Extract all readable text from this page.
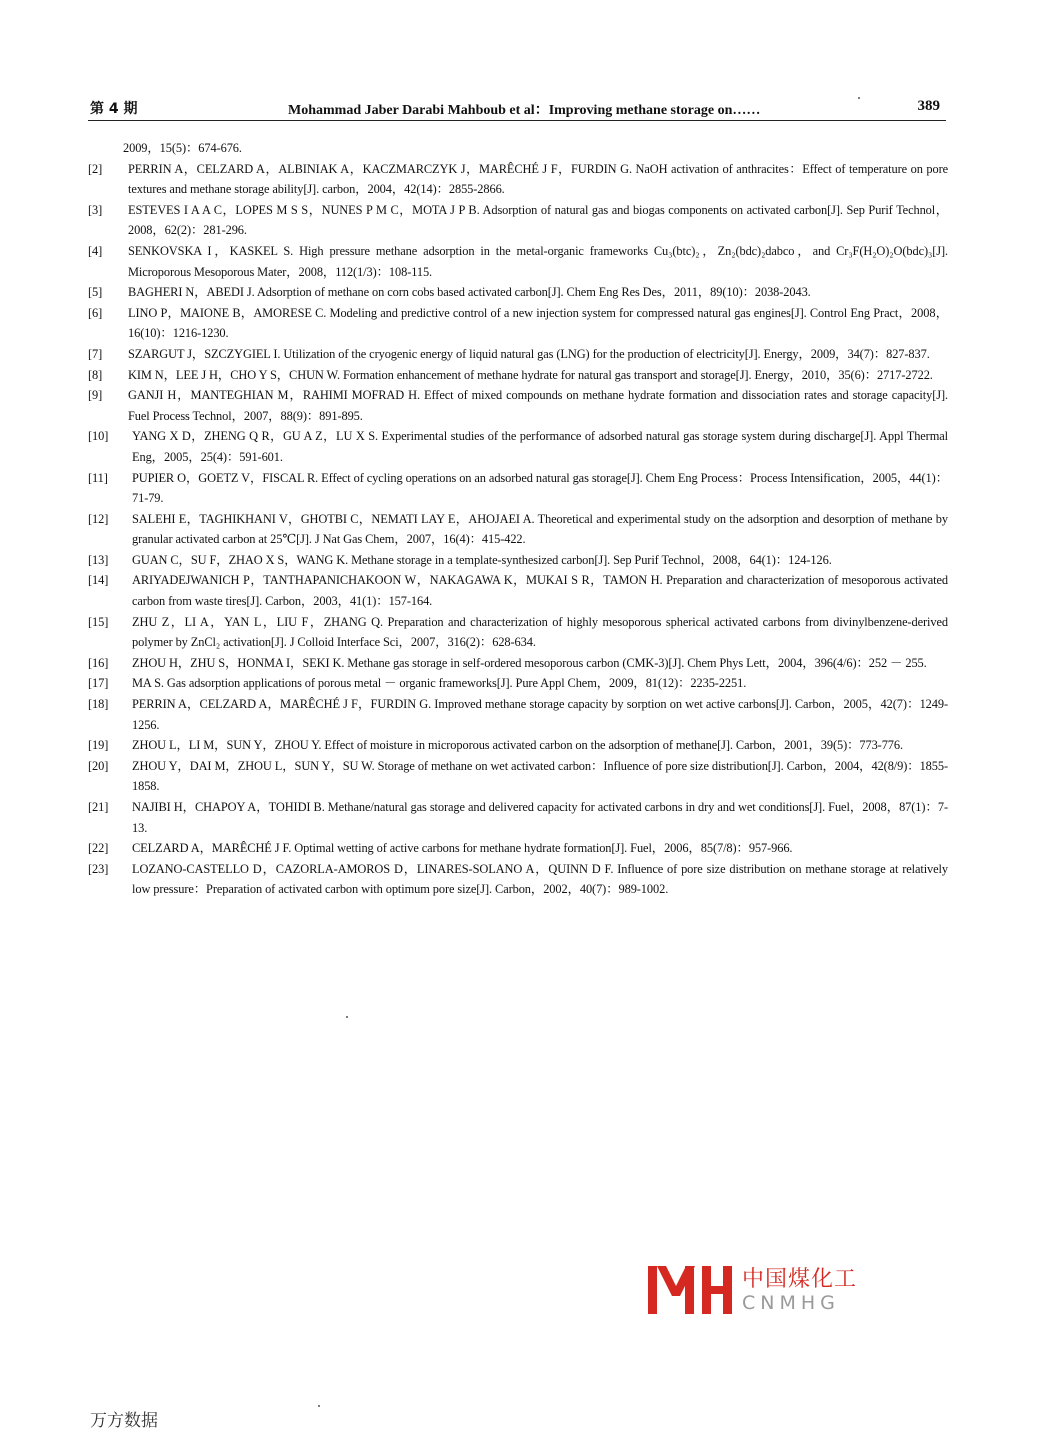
第 4 期	Mohammad Jaber Darabi Mahboub et al：Improving methane storage on……	389
2009，15(5)：674-676.
[2]	PERRIN A，CELZARD A，ALBINIAK A，KACZMARCZYK J，MARÊCHÉ J F，FURDIN G. NaOH activation of anthracites：Effect of temperature on pore textures and methane storage ability[J]. carbon，2004，42(14)：2855-2866.
[3]	ESTEVES I A A C，LOPES M S S，NUNES P M C，MOTA J P B. Adsorption of natural gas and biogas components on activated carbon[J]. Sep Purif Technol，2008，62(2)：281-296.
[4]	SENKOVSKA I，KASKEL S. High pressure methane adsorption in the metal-organic frameworks Cu₃(btc)₂，Zn₂(bdc)₂dabco，and Cr₃F(H₂O)₂O(bdc)₃[J]. Microporous Mesoporous Mater，2008，112(1/3)：108-115.
[5]	BAGHERI N，ABEDI J. Adsorption of methane on corn cobs based activated carbon[J]. Chem Eng Res Des，2011，89(10)：2038-2043.
[6]	LINO P，MAIONE B，AMORESE C. Modeling and predictive control of a new injection system for compressed natural gas engines[J]. Control Eng Pract，2008，16(10)：1216-1230.
[7]	SZARGUT J，SZCZYGIEL I. Utilization of the cryogenic energy of liquid natural gas (LNG) for the production of electricity[J]. Energy，2009，34(7)：827-837.
[8]	KIM N，LEE J H，CHO Y S，CHUN W. Formation enhancement of methane hydrate for natural gas transport and storage[J]. Energy，2010，35(6)：2717-2722.
[9]	GANJI H，MANTEGHIAN M，RAHIMI MOFRAD H. Effect of mixed compounds on methane hydrate formation and dissociation rates and storage capacity[J]. Fuel Process Technol，2007，88(9)：891-895.
[10]	YANG X D，ZHENG Q R，GU A Z，LU X S. Experimental studies of the performance of adsorbed natural gas storage system during discharge[J]. Appl Thermal Eng，2005，25(4)：591-601.
[11]	PUPIER O，GOETZ V，FISCAL R. Effect of cycling operations on an adsorbed natural gas storage[J]. Chem Eng Process：Process Intensification，2005，44(1)：71-79.
[12]	SALEHI E，TAGHIKHANI V，GHOTBI C，NEMATI LAY E，AHOJAEI A. Theoretical and experimental study on the adsorption and desorption of methane by granular activated carbon at 25℃[J]. J Nat Gas Chem，2007，16(4)：415-422.
[13]	GUAN C，SU F，ZHAO X S，WANG K. Methane storage in a template-synthesized carbon[J]. Sep Purif Technol，2008，64(1)：124-126.
[14]	ARIYADEJWANICH P，TANTHAPANICHAKOON W，NAKAGAWA K，MUKAI S R，TAMON H. Preparation and characterization of mesoporous activated carbon from waste tires[J]. Carbon，2003，41(1)：157-164.
[15]	ZHU Z，LI A，YAN L，LIU F，ZHANG Q. Preparation and characterization of highly mesoporous spherical activated carbons from divinylbenzene-derived polymer by ZnCl₂ activation[J]. J Colloid Interface Sci，2007，316(2)：628-634.
[16]	ZHOU H，ZHU S，HONMA I，SEKI K. Methane gas storage in self-ordered mesoporous carbon (CMK-3)[J]. Chem Phys Lett，2004，396(4/6)：252 － 255.
[17]	MA S. Gas adsorption applications of porous metal － organic frameworks[J]. Pure Appl Chem，2009，81(12)：2235-2251.
[18]	PERRIN A，CELZARD A，MARÊCHÉ J F，FURDIN G. Improved methane storage capacity by sorption on wet active carbons[J]. Carbon，2005，42(7)：1249-1256.
[19]	ZHOU L，LI M，SUN Y，ZHOU Y. Effect of moisture in microporous activated carbon on the adsorption of methane[J]. Carbon，2001，39(5)：773-776.
[20]	ZHOU Y，DAI M，ZHOU L，SUN Y，SU W. Storage of methane on wet activated carbon：Influence of pore size distribution[J]. Carbon，2004，42(8/9)：1855-1858.
[21]	NAJIBI H，CHAPOY A，TOHIDI B. Methane/natural gas storage and delivered capacity for activated carbons in dry and wet conditions[J]. Fuel，2008，87(1)：7-13.
[22]	CELZARD A，MARÊCHÉ J F. Optimal wetting of active carbons for methane hydrate formation[J]. Fuel，2006，85(7/8)：957-966.
[23]	LOZANO-CASTELLO D，CAZORLA-AMOROS D，LINARES-SOLANO A，QUINN D F. Influence of pore size distribution on methane storage at relatively low pressure：Preparation of activated carbon with optimum pore size[J]. Carbon，2002，40(7)：989-1002.
中国煤化工
CNMHG
万方数据
